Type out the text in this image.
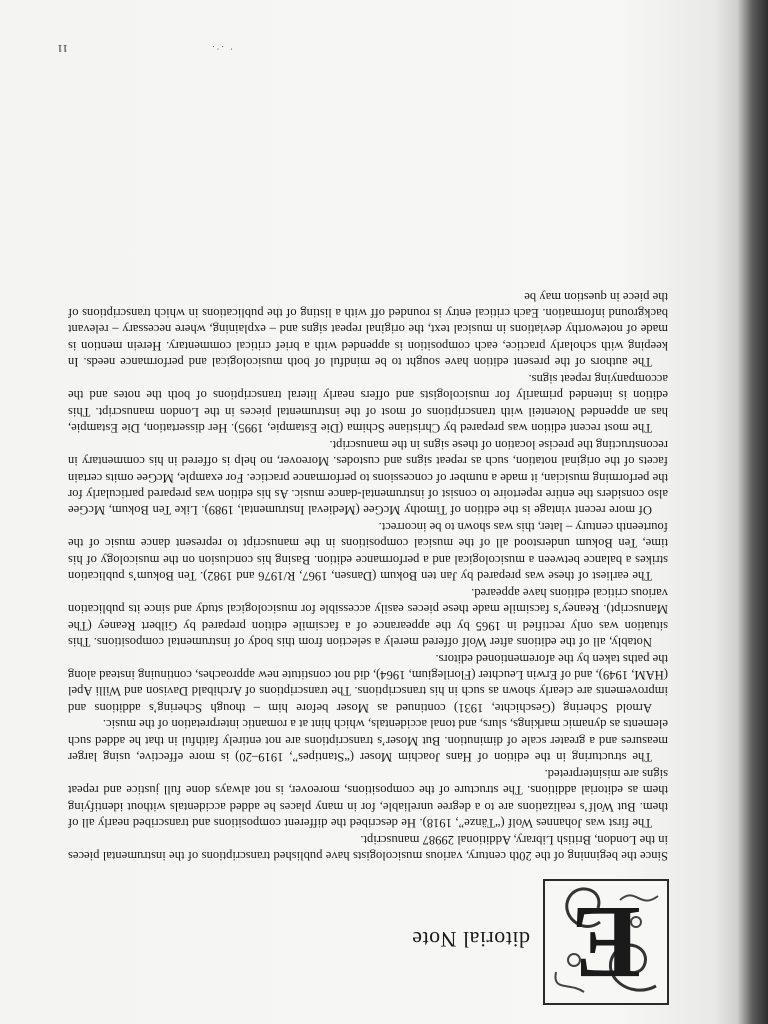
E
ditorial Note

Since the beginning of the 20th century, various musicologists have published transcriptions of the instrumental pieces in the London, British Library, Additional 29987 manuscript.

The first was Johannes Wolf (“Tänze”, 1918). He described the different compositions and transcribed nearly all of them. But Wolf’s realizations are to a degree unreliable, for in many places he added accidentals without identifying them as editorial additions. The structure of the compositions, moreover, is not always done full justice and repeat signs are misinterpreted.

The structuring in the edition of Hans Joachim Moser (“Stantipes”, 1919–20) is more effective, using larger measures and a greater scale of diminution. But Moser’s transcriptions are not entirely faithful in that he added such elements as dynamic markings, slurs, and tonal accidentals, which hint at a romantic interpretation of the music.

Arnold Schering (Geschichte, 1931) continued as Moser before him – though Schering’s additions and improvements are clearly shown as such in his transcriptions. The transcriptions of Archibald Davison and Willi Apel (HAM, 1949), and of Erwin Leuchter (Florilegium, 1964), did not constitute new approaches, continuing instead along the paths taken by the aforementioned editors.

Notably, all of the editions after Wolf offered merely a selection from this body of instrumental compositions. This situation was only rectified in 1965 by the appearance of a facsimile edition prepared by Gilbert Reaney (The Manuscript). Reaney’s facsimile made these pieces easily accessible for musicological study and since its publication various critical editions have appeared.

The earliest of these was prepared by Jan ten Bokum (Dansen, 1967, R/1976 and 1982). Ten Bokum’s publication strikes a balance between a musicological and a performance edition. Basing his conclusion on the musicology of his time, Ten Bokum understood all of the musical compositions in the manuscript to represent dance music of the fourteenth century – later, this was shown to be incorrect.

Of more recent vintage is the edition of Timothy McGee (Medieval Instrumental, 1989). Like Ten Bokum, McGee also considers the entire repertoire to consist of instrumental-dance music. As his edition was prepared particularly for the performing musician, it made a number of concessions to performance practice. For example, McGee omits certain facets of the original notation, such as repeat signs and custodes. Moreover, no help is offered in his commentary in reconstructing the precise location of these signs in the manuscript.

The most recent edition was prepared by Christiane Schima (Die Estampie, 1995). Her dissertation, Die Estampie, has an appended Notenteil with transcriptions of most of the instrumental pieces in the London manuscript. This edition is intended primarily for musicologists and offers nearly literal transcriptions of both the notes and the accompanying repeat signs.

The authors of the present edition have sought to be mindful of both musicological and performance needs. In keeping with scholarly practice, each composition is appended with a brief critical commentary. Herein mention is made of noteworthy deviations in musical text, the original repeat signs and – explaining, where necessary – relevant background information. Each critical entry is rounded off with a listing of the publications in which transcriptions of the piece in question may be

· .·.
11
